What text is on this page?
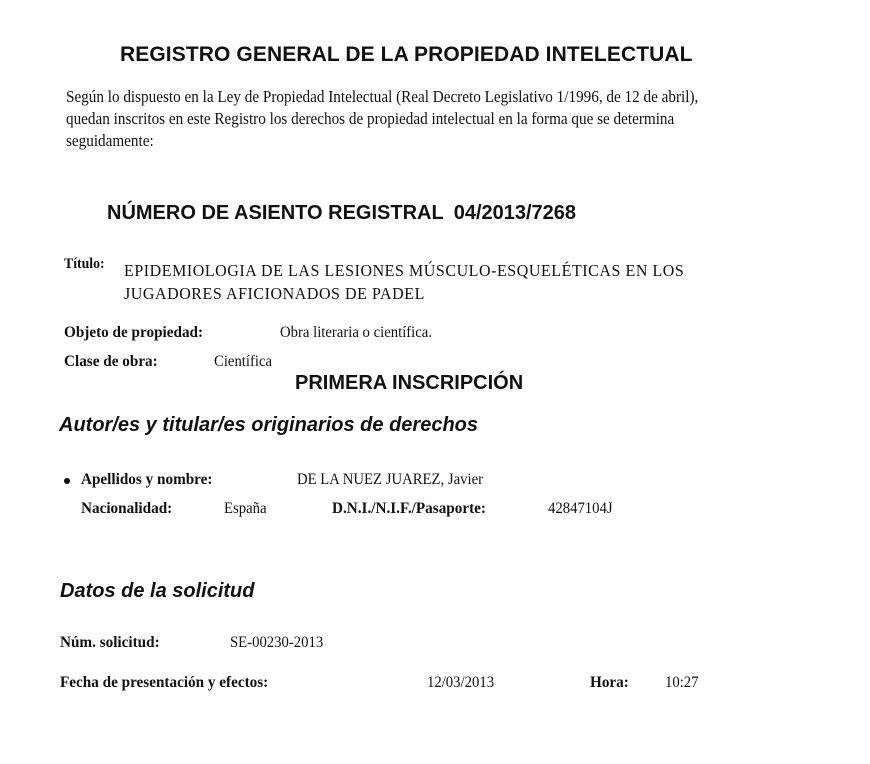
REGISTRO GENERAL DE LA PROPIEDAD INTELECTUAL
Según lo dispuesto en la Ley de Propiedad Intelectual (Real Decreto Legislativo 1/1996, de 12 de abril), quedan inscritos en este Registro los derechos de propiedad intelectual en la forma que se determina seguidamente:
NÚMERO DE ASIENTO REGISTRAL 04/2013/7268
Título: EPIDEMIOLOGIA DE LAS LESIONES MÚSCULO-ESQUELÉTICAS EN LOS JUGADORES AFICIONADOS DE PADEL
Objeto de propiedad:	Obra literaria o científica.
Clase de obra:	Científica
PRIMERA INSCRIPCIÓN
Autor/es y titular/es originarios de derechos
Apellidos y nombre:	DE LA NUEZ JUAREZ, Javier
Nacionalidad:	España	D.N.I./N.I.F./Pasaporte:	42847104J
Datos de la solicitud
Núm. solicitud:	SE-00230-2013
Fecha de presentación y efectos:	12/03/2013	Hora: 10:27
